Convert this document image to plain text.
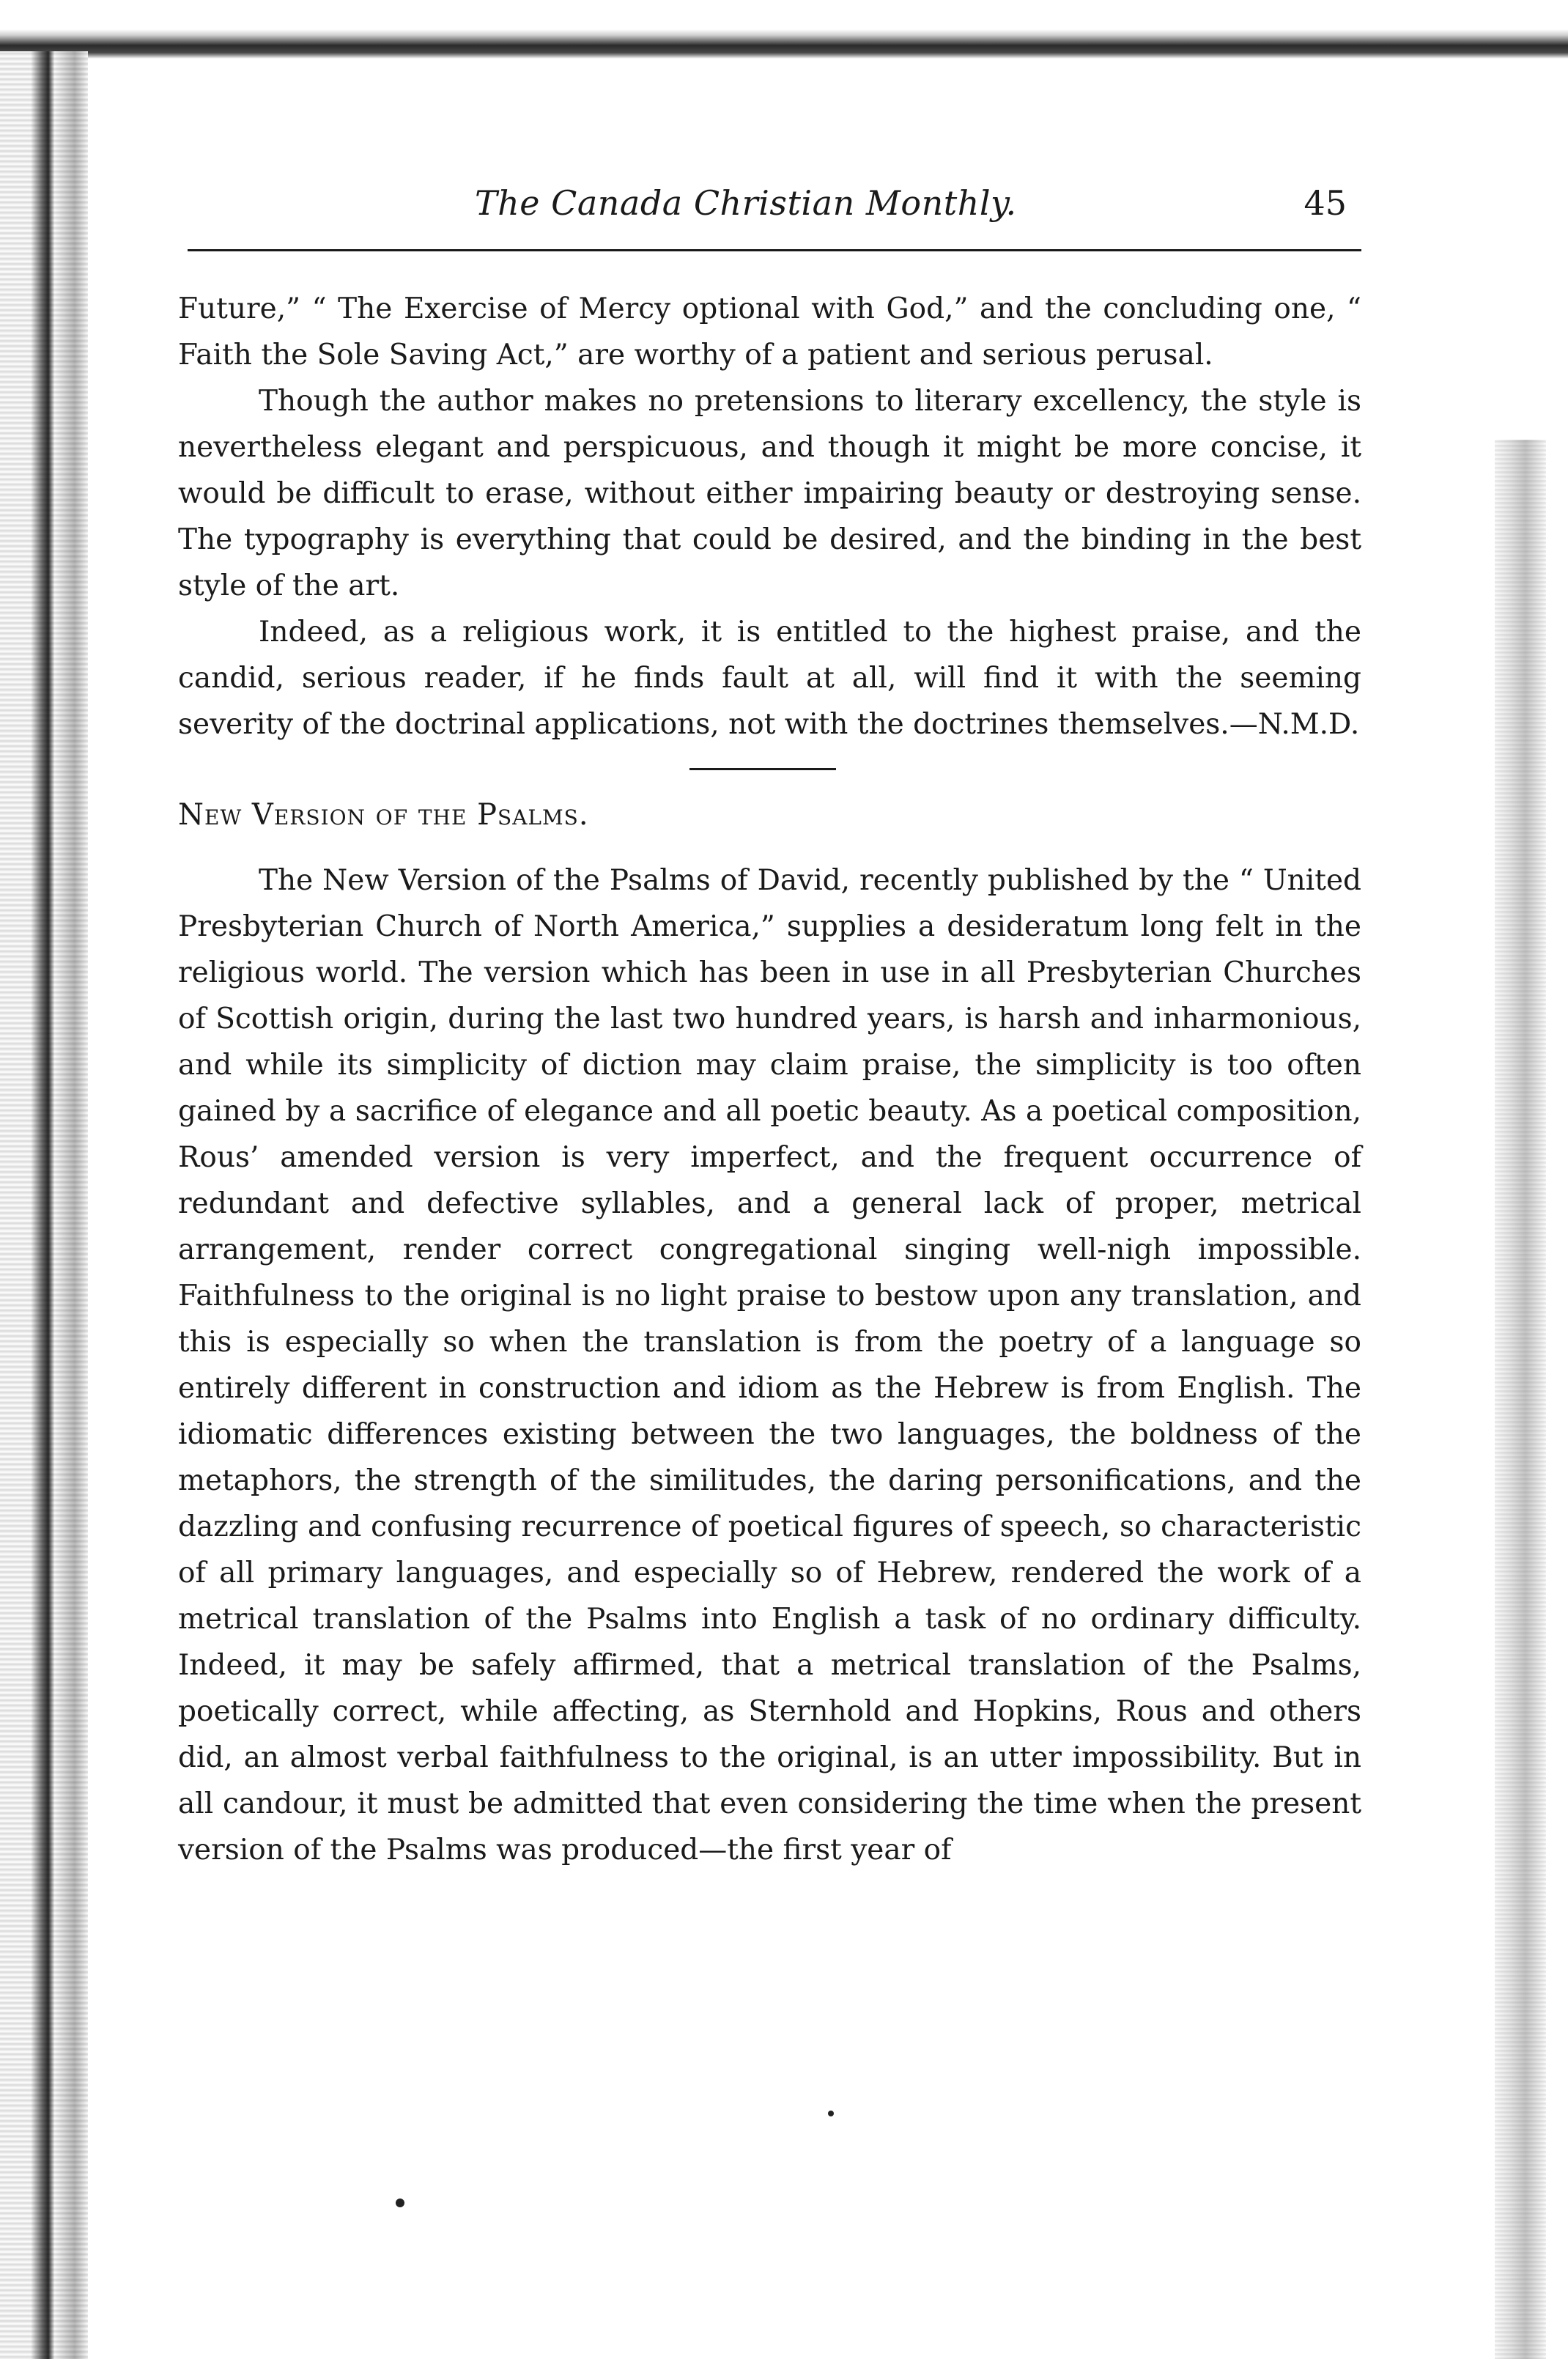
The Canada Christian Monthly.	45

Future,” “ The Exercise of Mercy optional with God,” and the concluding one, “ Faith the Sole Saving Act,” are worthy of a patient and serious perusal.

Though the author makes no pretensions to literary excellency, the style is nevertheless elegant and perspicuous, and though it might be more concise, it would be difficult to erase, without either impairing beauty or destroying sense. The typography is everything that could be desired, and the binding in the best style of the art.

Indeed, as a religious work, it is entitled to the highest praise, and the candid, serious reader, if he finds fault at all, will find it with the seeming severity of the doctrinal applications, not with the doctrines themselves.—N.M.D.

New Version of the Psalms.

The New Version of the Psalms of David, recently published by the “ United Presbyterian Church of North America,” supplies a desideratum long felt in the religious world. The version which has been in use in all Presbyterian Churches of Scottish origin, during the last two hundred years, is harsh and inharmonious, and while its simplicity of diction may claim praise, the simplicity is too often gained by a sacrifice of elegance and all poetic beauty. As a poetical composition, Rous’ amended version is very imperfect, and the frequent occurrence of redundant and defective syllables, and a general lack of proper, metrical arrangement, render correct congregational singing well-nigh impossible. Faithfulness to the original is no light praise to bestow upon any translation, and this is especially so when the translation is from the poetry of a language so entirely different in construction and idiom as the Hebrew is from English. The idiomatic differences existing between the two languages, the boldness of the metaphors, the strength of the similitudes, the daring personifications, and the dazzling and confusing recurrence of poetical figures of speech, so characteristic of all primary languages, and especially so of Hebrew, rendered the work of a metrical translation of the Psalms into English a task of no ordinary difficulty. Indeed, it may be safely affirmed, that a metrical translation of the Psalms, poetically correct, while affecting, as Sternhold and Hopkins, Rous and others did, an almost verbal faithfulness to the original, is an utter impossibility. But in all candour, it must be admitted that even considering the time when the present version of the Psalms was produced—the first year of
